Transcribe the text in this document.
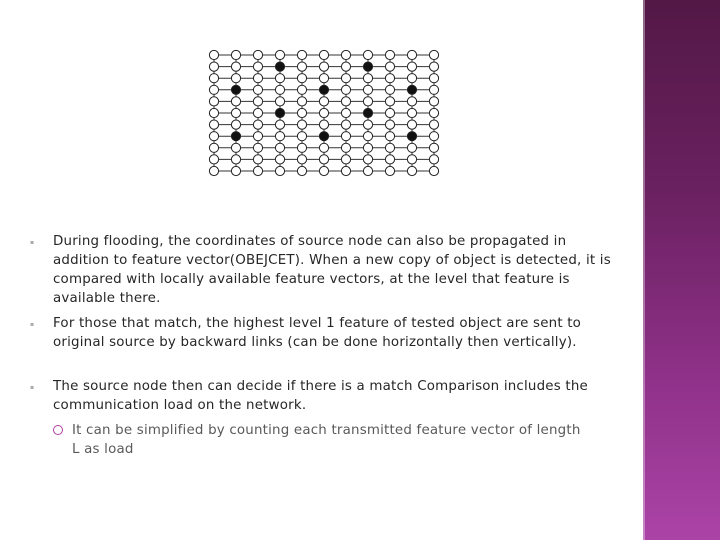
▪
During flooding, the coordinates of source node can also be propagated in addition to feature vector(OBEJCET). When a new copy of object is detected, it is compared with locally available feature vectors, at the level that feature is available there.
▪
For those that match, the highest level 1 feature of tested object are sent to original source by backward links (can be done horizontally then vertically).
▪
The source node then can decide if there is a match Comparison includes the communication load on the network.
It can be simplified by counting each transmitted feature vector of length L as load
